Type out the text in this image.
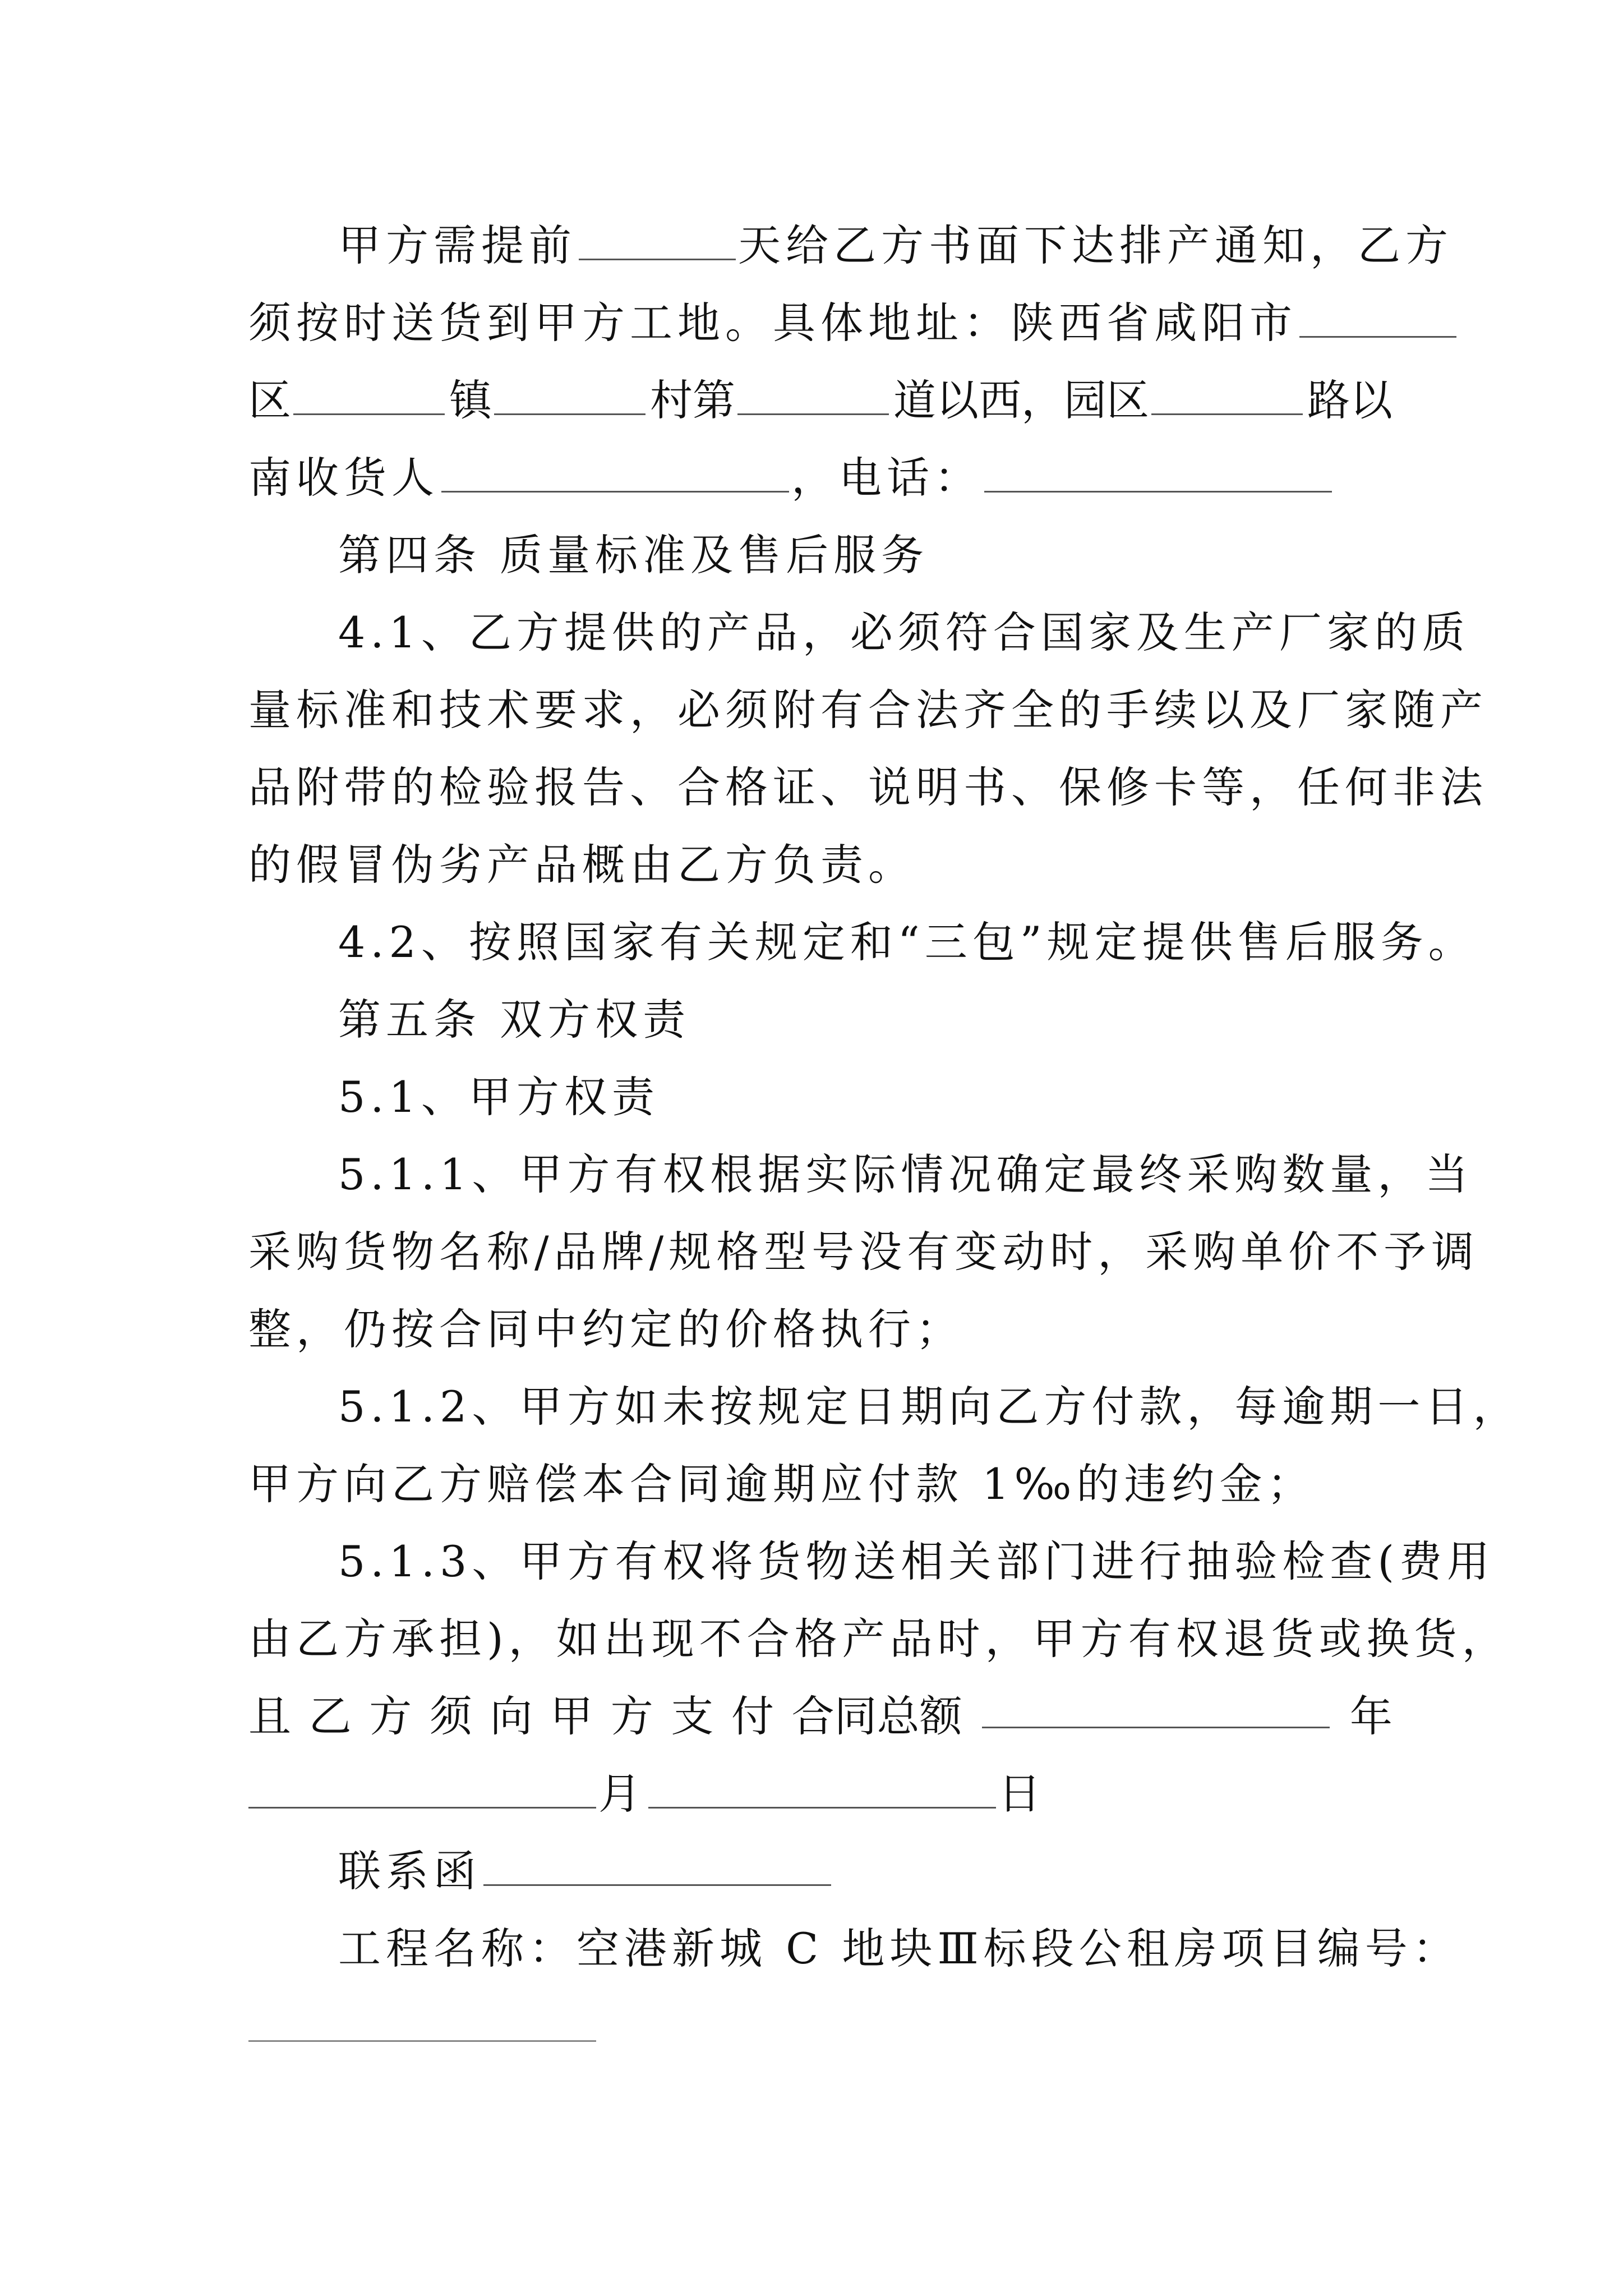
甲方需提前	天给乙方书面下达排产通知，乙方
须按时送货到甲方工地。具体地址：陕西省咸阳市
区	镇	村第	道以西，园区	路以
南收货人	，电话：
第四条 质量标准及售后服务
4.1、乙方提供的产品，必须符合国家及生产厂家的质
量标准和技术要求，必须附有合法齐全的手续以及厂家随产
品附带的检验报告、合格证、说明书、保修卡等，任何非法
的假冒伪劣产品概由乙方负责。
4.2、按照国家有关规定和“三包”规定提供售后服务。
第五条 双方权责
5.1、甲方权责
5.1.1、甲方有权根据实际情况确定最终采购数量，当
采购货物名称/品牌/规格型号没有变动时，采购单价不予调
整，仍按合同中约定的价格执行；
5.1.2、甲方如未按规定日期向乙方付款，每逾期一日，
甲方向乙方赔偿本合同逾期应付款 1‰的违约金；
5.1.3、甲方有权将货物送相关部门进行抽验检查(费用
由乙方承担)，如出现不合格产品时，甲方有权退货或换货，
且 乙 方 须 向 甲 方 支 付 合同总额	年
月	日
联系函
工程名称：空港新城 C 地块Ⅲ标段公租房项目编号：
